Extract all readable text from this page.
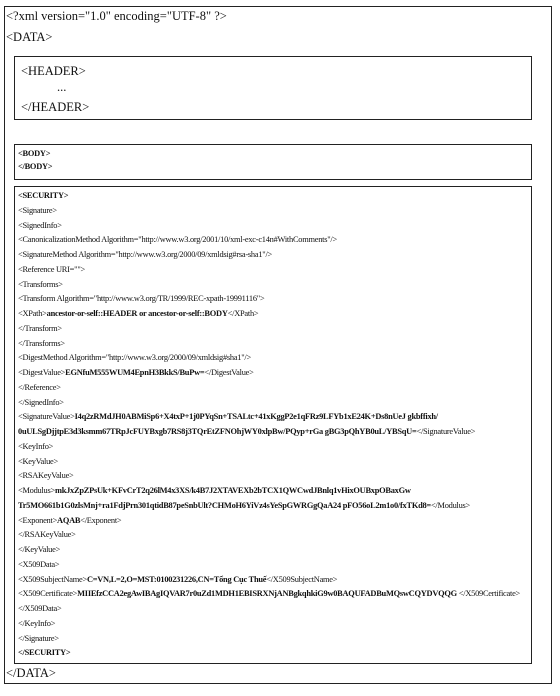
<?xml version="1.0" encoding="UTF-8" ?>
<DATA>
<HEADER>
...
</HEADER>
<BODY>
</BODY>
<SECURITY>
<Signature>
<SignedInfo>
<CanonicalizationMethod Algorithm="http://www.w3.org/2001/10/xml-exc-c14n#WithComments"/>
<SignatureMethod Algorithm="http://www.w3.org/2000/09/xmldsig#rsa-sha1"/>
<Reference URI="">
<Transforms>
<Transform Algorithm="http://www.w3.org/TR/1999/REC-xpath-19991116">
<XPath>ancestor-or-self::HEADER or ancestor-or-self::BODY</XPath>
</Transform>
</Transforms>
<DigestMethod Algorithm="http://www.w3.org/2000/09/xmldsig#sha1"/>
<DigestValue>EGNfuM555WUM4EpnH3BkkS/BuPw=</DigestValue>
</Reference>
</SignedInfo>
<SignatureValue>I4q2zRMdJH0ABMiSp6+X4txP+1j0PYqSn+TSALtc+41xKggP2e1qFRz9LFYb1xE24K+Ds8nUeJ gkbffixh/
0uULSgDjjtpE3d3ksmm67TRpJcFUYBxgb7RS8j3TQrEtZFNOhjWY0xlpBw/PQyp+rGa gBG3pQhYB0uL/YBSqU=</SignatureValue>
<KeyInfo>
<KeyValue>
<RSAKeyValue>
<Modulus>mkJxZpZPsUk+KFvCrT2q26lM4x3XS/k4B7J2XTAVEXb2bTCX1QWCwdJBnlq1vHixOUBxpOBaxGw
Tr5MO661b1G0zlsMnj+ra1FdjPrn301qtidB87peSnbUlt?CHMoH6YiVz4sYeSpGWRGgQaA24 pFO56oL2m1o0/fxTKd8=</Modulus>
<Exponent>AQAB</Exponent>
</RSAKeyValue>
</KeyValue>
<X509Data>
<X509SubjectName>C=VN,L=2,O=MST:0100231226,CN=Tổng Cục Thuế</X509SubjectName>
<X509Certificate>MIIEfzCCA2egAwIBAgIQVAR7r0uZd1MDH1EBISRXNjANBgkqhkiG9w0BAQUFADBuMQswCQYDVQQG </X509Certificate>
</X509Data>
</KeyInfo>
</Signature>
</SECURITY>
</DATA>
